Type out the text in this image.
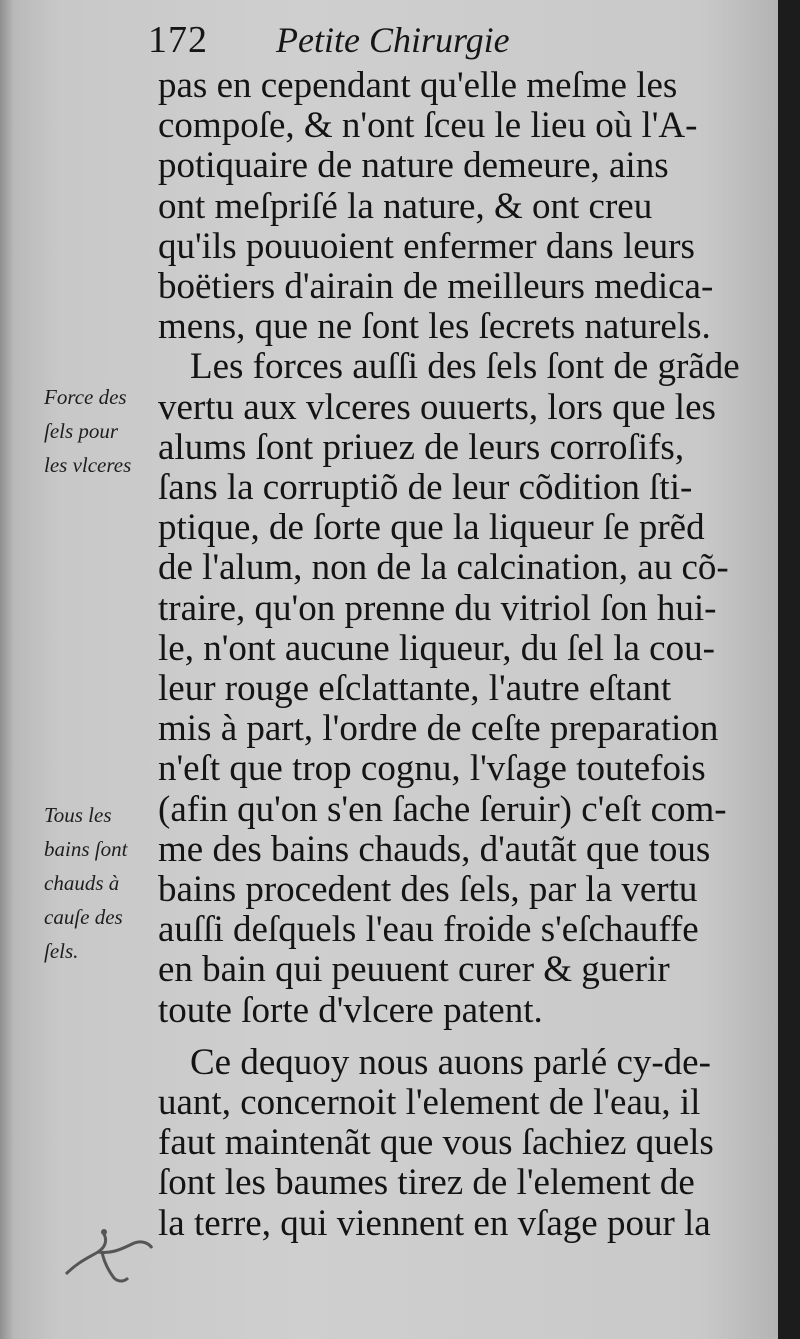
172 Petite Chirurgie
pas en cependant qu'elle meſme les
compoſe, & n'ont ſceu le lieu où l'A-
potiquaire de nature demeure, ains
ont meſpriſé la nature, & ont creu
qu'ils pouuoient enfermer dans leurs
boëtiers d'airain de meilleurs medica-
mens, que ne ſont les ſecrets naturels.
Les forces auſſi des ſels ſont de grãde
vertu aux vlceres ouuerts, lors que les
alums ſont priuez de leurs corroſifs,
ſans la corruptiõ de leur cõdition ſti-
ptique, de ſorte que la liqueur ſe prẽd
de l'alum, non de la calcination, au cõ-
traire, qu'on prenne du vitriol ſon hui-
le, n'ont aucune liqueur, du ſel la cou-
leur rouge eſclattante, l'autre eſtant
mis à part, l'ordre de ceſte preparation
n'eſt que trop cognu, l'vſage toutefois
(afin qu'on s'en ſache ſeruir) c'eſt com-
me des bains chauds, d'autãt que tous
bains procedent des ſels, par la vertu
auſſi deſquels l'eau froide s'eſchauffe
en bain qui peuuent curer & guerir
toute ſorte d'vlcere patent.
Ce dequoy nous auons parlé cy-de-
uant, concernoit l'element de l'eau, il
faut maintenãt que vous ſachiez quels
ſont les baumes tirez de l'element de
la terre, qui viennent en vſage pour la
Force des
ſels pour
les vlceres
Tous les
bains ſont
chauds à
cauſe des
ſels.
